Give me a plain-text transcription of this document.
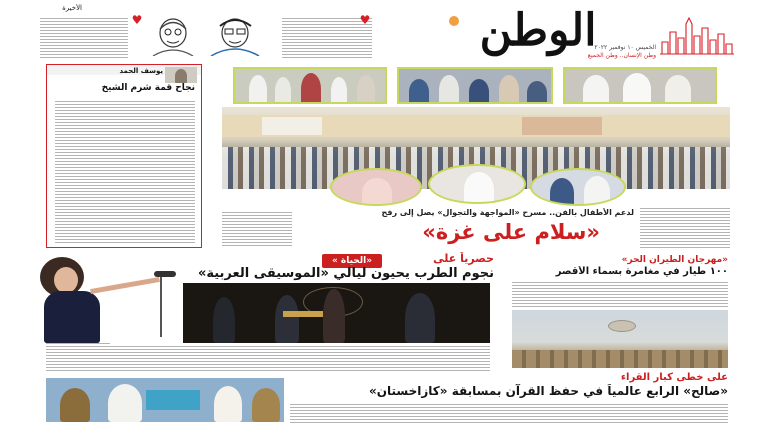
الأخيرة
♥	♥	الوطن
وطن الإنسان.. وطن الجميع
الخميس ١٠ نوفمبر ٢٠٢٢
يوسف الحمد
نجاح قمة شرم الشيخ
لدعم الأطفال بالفن.. مسرح «المواجهة والتجوال» يصل إلى رفح
«سلام على غزة»
«الحياة »	حصرياً على
نجوم الطرب يحيون ليالي «الموسيقى العربية»
«مهرجان الطيران الحر»
١٠٠ طيار في مغامرة بسماء الأقصر
على خطى كبار القراء
«صالح» الرابع عالمياً في حفظ القرآن بمسابقة «كازاخستان»
